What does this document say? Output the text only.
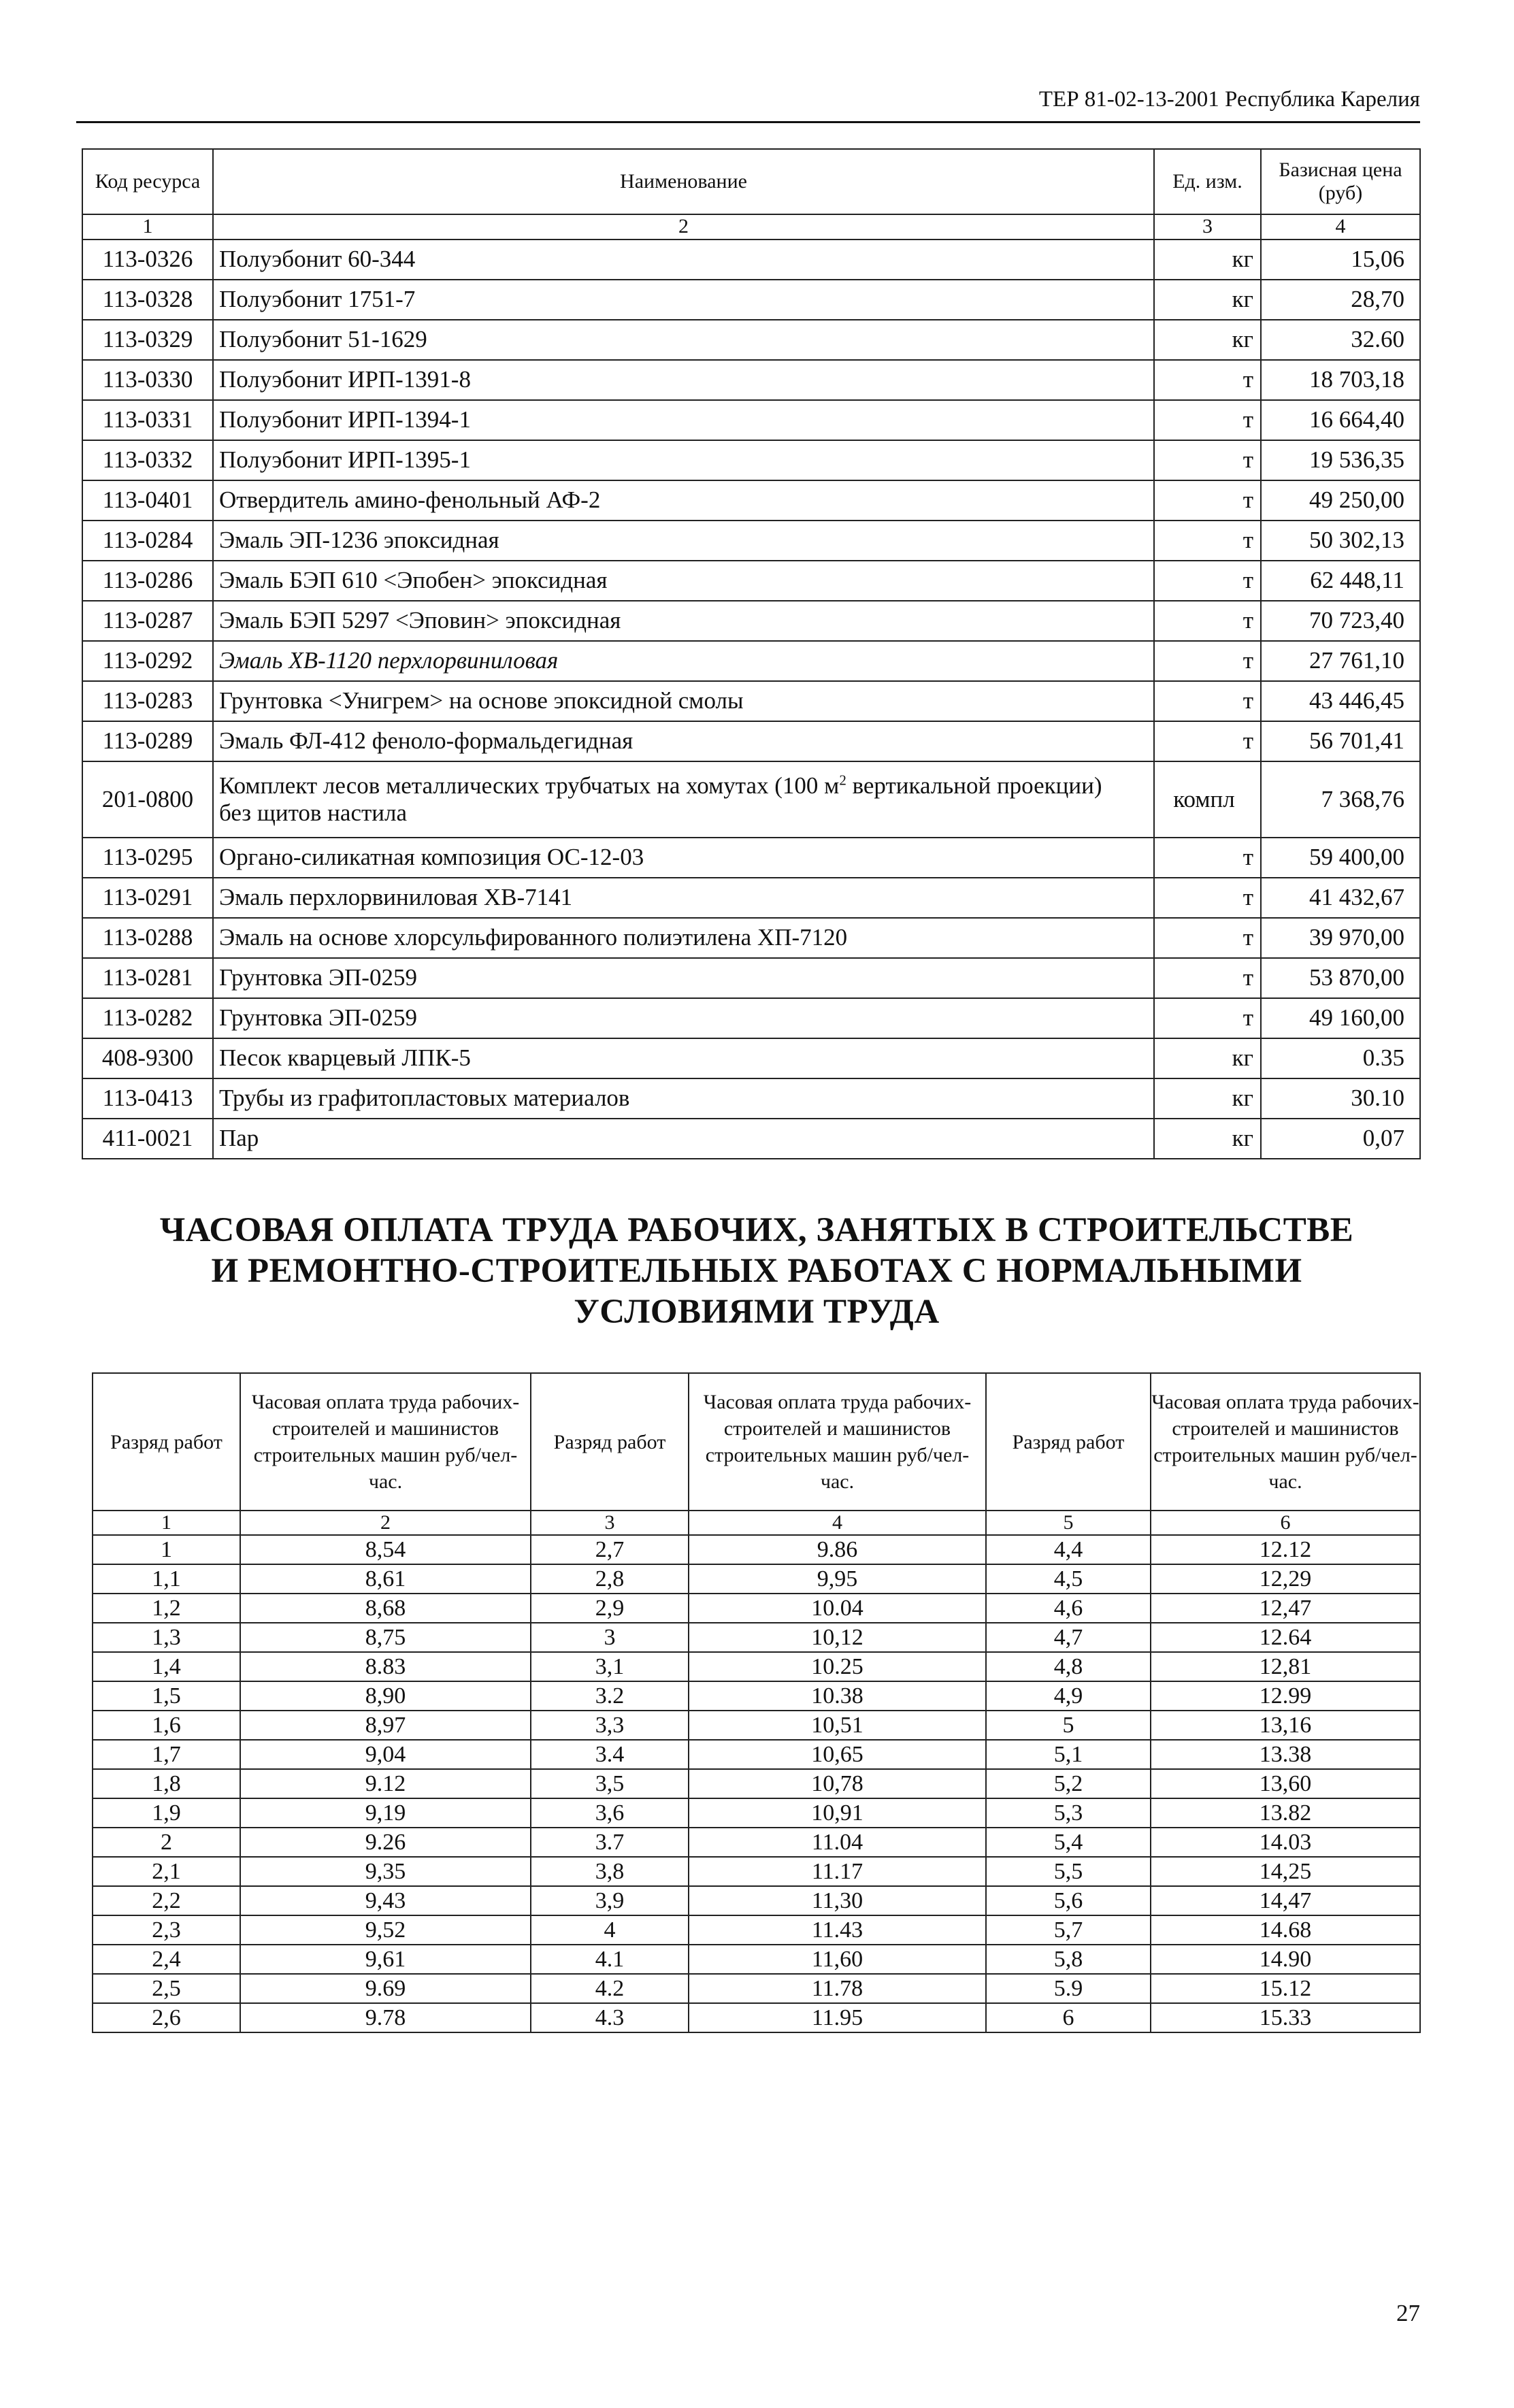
ТЕР 81-02-13-2001 Республика Карелия
Код ресурса	Наименование	Ед. изм.	Базисная цена (руб)
1	2	3	4
113-0326	Полуэбонит 60-344	кг	15,06
113-0328	Полуэбонит 1751-7	кг	28,70
113-0329	Полуэбонит 51-1629	кг	32.60
113-0330	Полуэбонит ИРП-1391-8	т	18 703,18
113-0331	Полуэбонит ИРП-1394-1	т	16 664,40
113-0332	Полуэбонит ИРП-1395-1	т	19 536,35
113-0401	Отвердитель амино-фенольный АФ-2	т	49 250,00
113-0284	Эмаль ЭП-1236 эпоксидная	т	50 302,13
113-0286	Эмаль БЭП 610 <Эпобен> эпоксидная	т	62 448,11
113-0287	Эмаль БЭП 5297 <Эповин> эпоксидная	т	70 723,40
113-0292	Эмаль ХВ-1120 перхлорвиниловая	т	27 761,10
113-0283	Грунтовка <Унигрем> на основе эпоксидной смолы	т	43 446,45
113-0289	Эмаль ФЛ-412 феноло-формальдегидная	т	56 701,41
201-0800	Комплект лесов металлических трубчатых на хомутах (100 $м^2$ вертикальной проекции)
без щитов настила	компл	7 368,76
113-0295	Органо-силикатная композиция ОС-12-03	т	59 400,00
113-0291	Эмаль перхлорвиниловая ХВ-7141	т	41 432,67
113-0288	Эмаль на основе хлорсульфированного полиэтилена ХП-7120	т	39 970,00
113-0281	Грунтовка ЭП-0259	т	53 870,00
113-0282	Грунтовка ЭП-0259	т	49 160,00
408-9300	Песок кварцевый ЛПК-5	кг	0.35
113-0413	Трубы из графитопластовых материалов	кг	30.10
411-0021	Пар	кг	0,07
ЧАСОВАЯ ОПЛАТА ТРУДА РАБОЧИХ, ЗАНЯТЫХ В СТРОИТЕЛЬСТВЕ
И РЕМОНТНО-СТРОИТЕЛЬНЫХ РАБОТАХ С НОРМАЛЬНЫМИ
УСЛОВИЯМИ ТРУДА
Разряд работ	Часовая оплата труда рабочих-строителей и машинистов строительных машин руб/чел-час.	Разряд работ	Часовая оплата труда рабочих-строителей и машинистов строительных машин руб/чел-час.	Разряд работ	Часовая оплата труда рабочих-строителей и машинистов строительных машин руб/чел-час.
1	2	3	4	5	6
1	8,54	2,7	9.86	4,4	12.12
1,1	8,61	2,8	9,95	4,5	12,29
1,2	8,68	2,9	10.04	4,6	12,47
1,3	8,75	3	10,12	4,7	12.64
1,4	8.83	3,1	10.25	4,8	12,81
1,5	8,90	3.2	10.38	4,9	12.99
1,6	8,97	3,3	10,51	5	13,16
1,7	9,04	3.4	10,65	5,1	13.38
1,8	9.12	3,5	10,78	5,2	13,60
1,9	9,19	3,6	10,91	5,3	13.82
2	9.26	3.7	11.04	5,4	14.03
2,1	9,35	3,8	11.17	5,5	14,25
2,2	9,43	3,9	11,30	5,6	14,47
2,3	9,52	4	11.43	5,7	14.68
2,4	9,61	4.1	11,60	5,8	14.90
2,5	9.69	4.2	11.78	5.9	15.12
2,6	9.78	4.3	11.95	6	15.33
27
